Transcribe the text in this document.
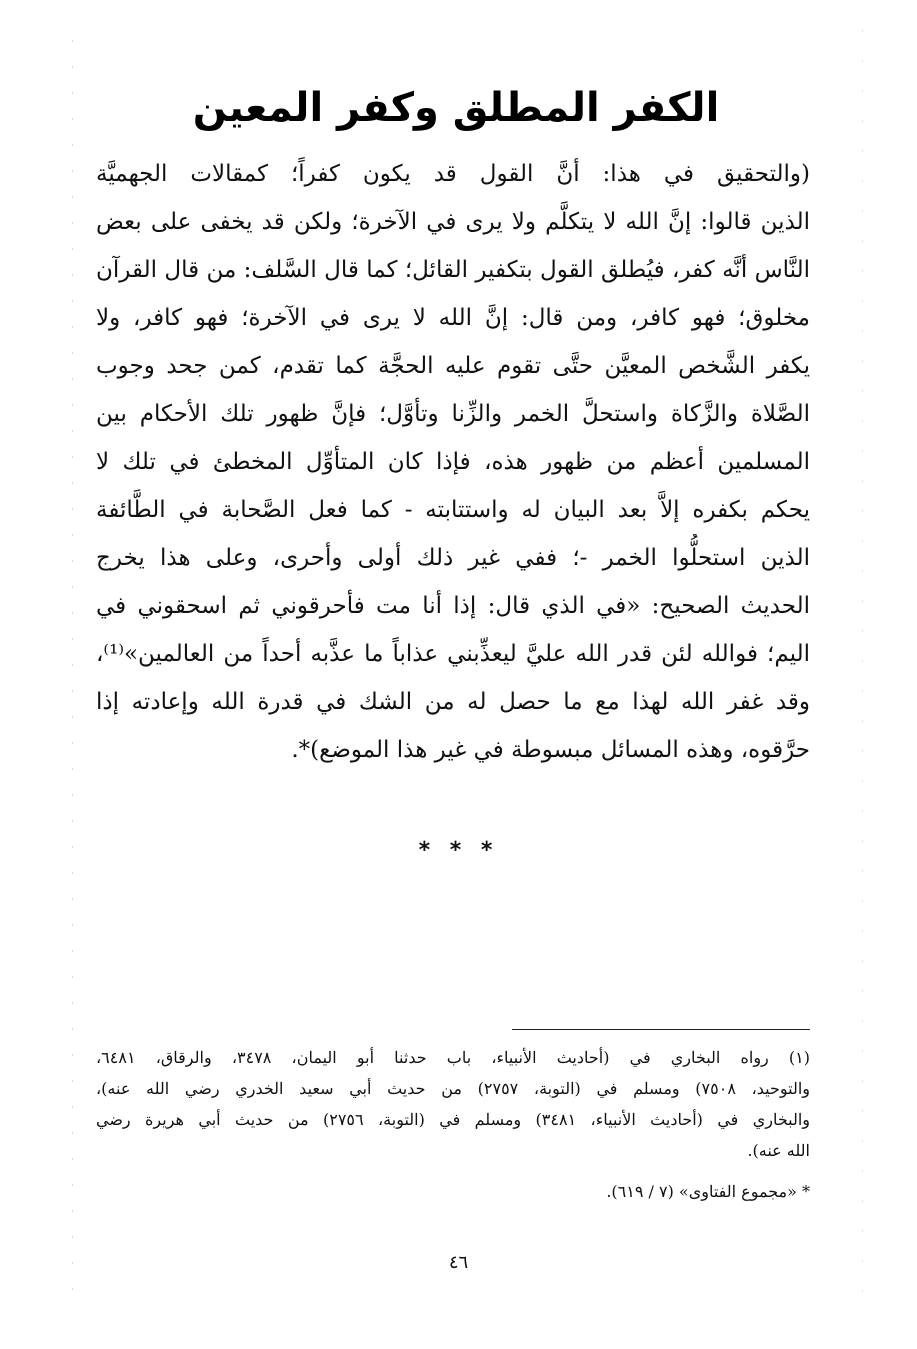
الكفر المطلق وكفر المعين
(والتحقيق في هذا: أنَّ القول قد يكون كفراً؛ كمقالات الجهميَّة
الذين قالوا: إنَّ الله لا يتكلَّم ولا يرى في الآخرة؛ ولكن قد يخفى على بعض
النَّاس أنَّه كفر، فيُطلق القول بتكفير القائل؛ كما قال السَّلف: من قال القرآن
مخلوق؛ فهو كافر، ومن قال: إنَّ الله لا يرى في الآخرة؛ فهو كافر، ولا
يكفر الشَّخص المعيَّن حتَّى تقوم عليه الحجَّة كما تقدم، كمن جحد وجوب
الصَّلاة والزَّكاة واستحلَّ الخمر والزِّنا وتأوَّل؛ فإنَّ ظهور تلك الأحكام بين
المسلمين أعظم من ظهور هذه، فإذا كان المتأوِّل المخطئ في تلك لا
يحكم بكفره إلاَّ بعد البيان له واستتابته - كما فعل الصَّحابة في الطَّائفة
الذين استحلُّوا الخمر -؛ ففي غير ذلك أولى وأحرى، وعلى هذا يخرج
الحديث الصحيح: «في الذي قال: إذا أنا مت فأحرقوني ثم اسحقوني في
اليم؛ فوالله لئن قدر الله عليَّ ليعذِّبني عذاباً ما عذَّبه أحداً من العالمين»⁽¹⁾،
وقد غفر الله لهذا مع ما حصل له من الشك في قدرة الله وإعادته إذا
حرَّقوه، وهذه المسائل مبسوطة في غير هذا الموضع)*.
* * *
(١) رواه البخاري في (أحاديث الأنبياء، باب حدثنا أبو اليمان، ٣٤٧٨، والرقاق، ٦٤٨١،
والتوحيد، ٧٥٠٨) ومسلم في (التوبة، ٢٧٥٧) من حديث أبي سعيد الخدري رضي الله عنه)،
والبخاري في (أحاديث الأنبياء، ٣٤٨١) ومسلم في (التوبة، ٢٧٥٦) من حديث أبي هريرة رضي
الله عنه).
* «مجموع الفتاوى» (٧ / ٦١٩).
٤٦
